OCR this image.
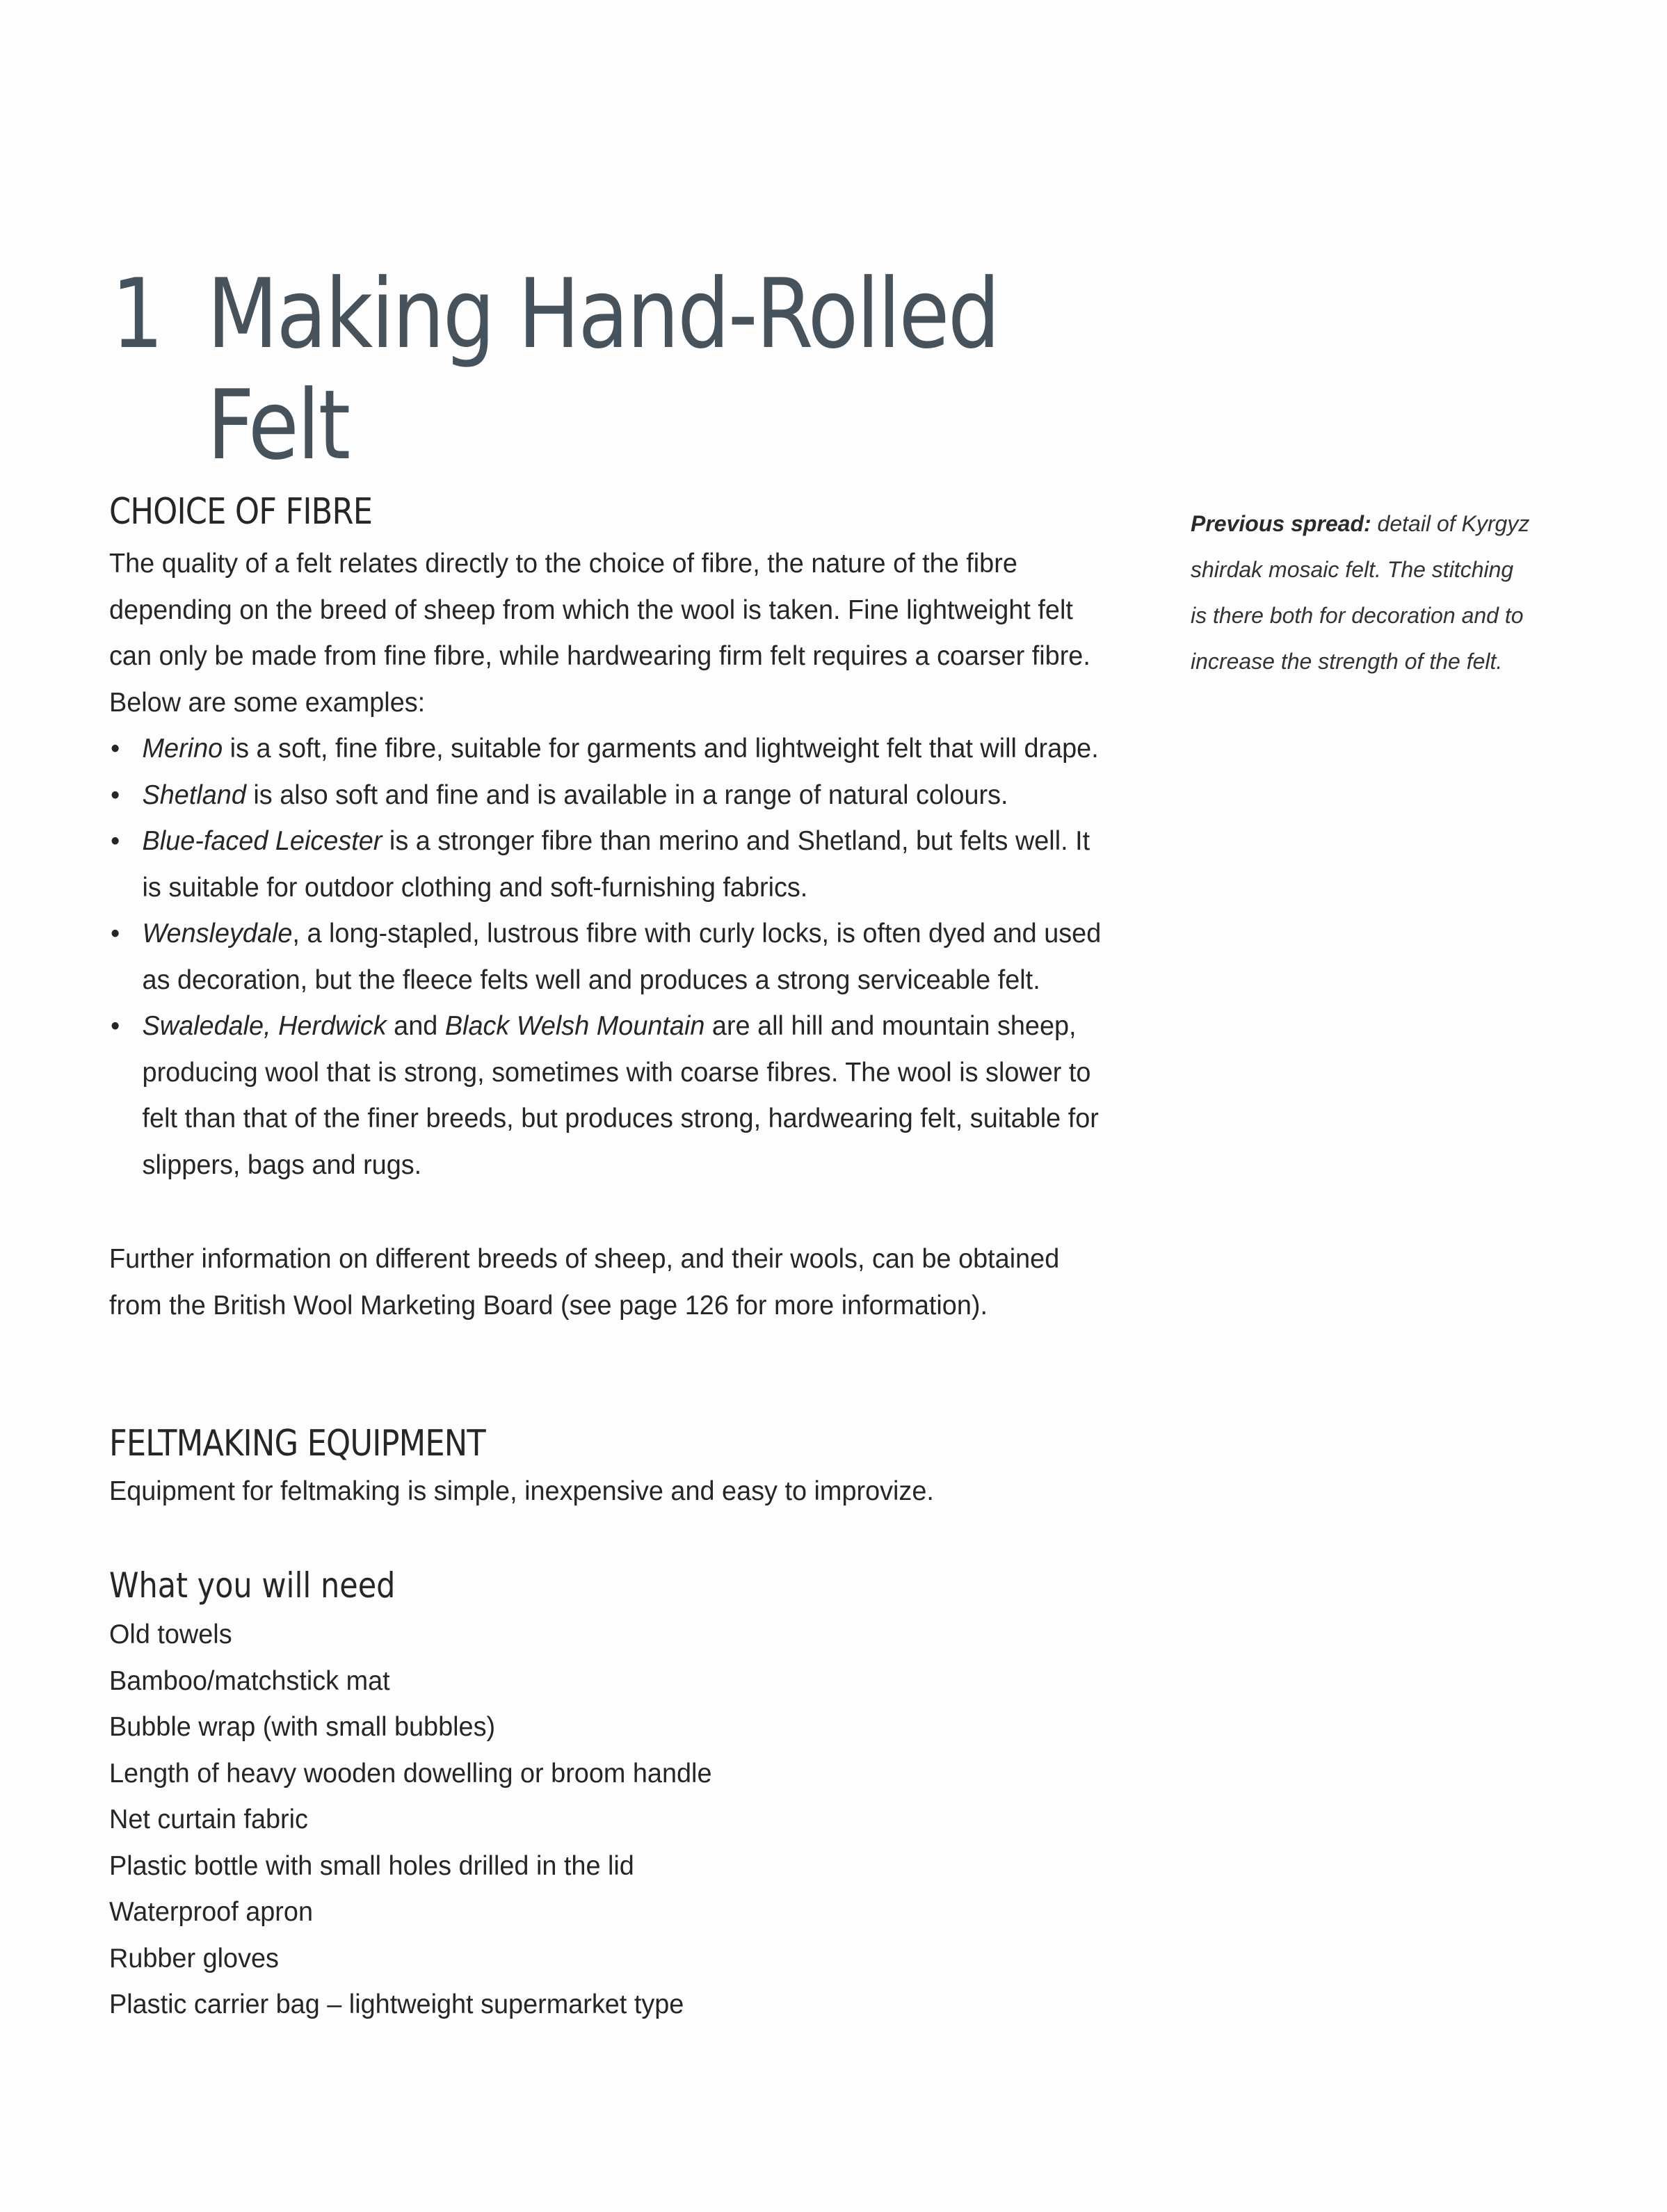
1 Making Hand-Rolled
Felt
CHOICE OF FIBRE

The quality of a felt relates directly to the choice of fibre, the nature of the fibre
depending on the breed of sheep from which the wool is taken. Fine lightweight felt
can only be made from fine fibre, while hardwearing firm felt requires a coarser fibre.
Below are some examples:

• Merino is a soft, fine fibre, suitable for garments and lightweight felt that will drape.
• Shetland is also soft and fine and is available in a range of natural colours.
• Blue-faced Leicester is a stronger fibre than merino and Shetland, but felts well. It
is suitable for outdoor clothing and soft-furnishing fabrics.
• Wensleydale, a long-stapled, lustrous fibre with curly locks, is often dyed and used
as decoration, but the fleece felts well and produces a strong serviceable felt.
• Swaledale, Herdwick and Black Welsh Mountain are all hill and mountain sheep,
producing wool that is strong, sometimes with coarse fibres. The wool is slower to
felt than that of the finer breeds, but produces strong, hardwearing felt, suitable for
slippers, bags and rugs.

Further information on different breeds of sheep, and their wools, can be obtained
from the British Wool Marketing Board (see page 126 for more information).

FELTMAKING EQUIPMENT

Equipment for feltmaking is simple, inexpensive and easy to improvize.

What you will need
Old towels
Bamboo/matchstick mat
Bubble wrap (with small bubbles)
Length of heavy wooden dowelling or broom handle
Net curtain fabric
Plastic bottle with small holes drilled in the lid
Waterproof apron
Rubber gloves
Plastic carrier bag – lightweight supermarket type
Previous spread: detail of Kyrgyz
shirdak mosaic felt. The stitching
is there both for decoration and to
increase the strength of the felt.
